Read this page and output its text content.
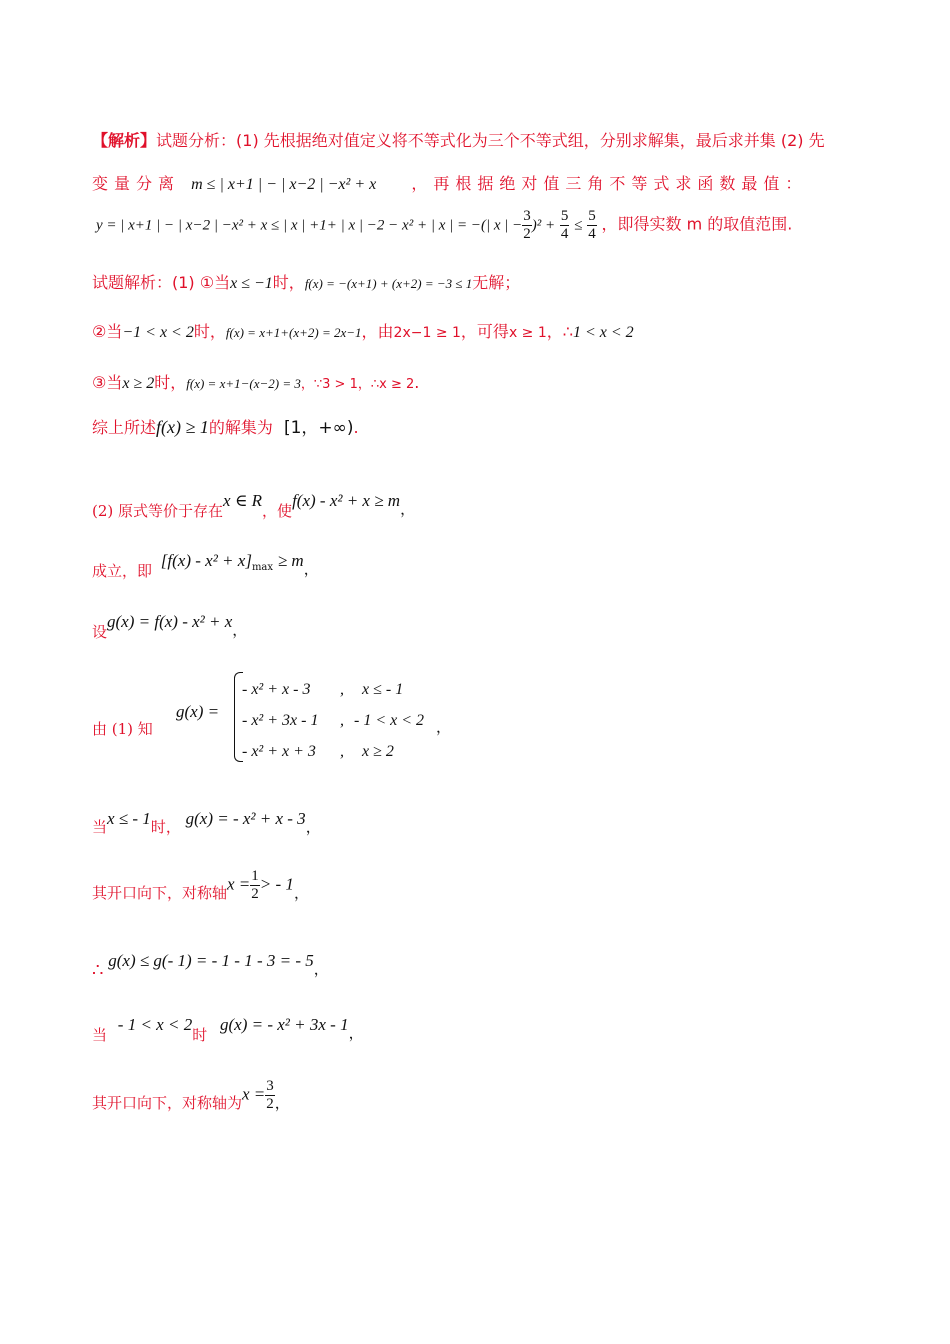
【解析】试题分析：(1) 先根据绝对值定义将不等式化为三个不等式组，分别求解集，最后求并集 (2) 先
变量分离 m ≤ | x+1 | − | x−2 | −x² + x ，再根据绝对值三角不等式求函数最值：
y = | x+1 | − | x−2 | −x² + x ≤ | x | +1+ | x | −2 − x² + | x | = −(| x | − $\frac{3}{2} )^2 + \frac{5}{4} \le \frac{5}{4}$ ，即得实数 m 的取值范围.
试题解析：(1) ①当x ≤ −1时，f(x) = −(x+1) + (x+2) = −3 ≤ 1无解；
②当−1 < x < 2时，f(x) = x+1+(x+2) = 2x−1，由2x−1 ≥ 1，可得x ≥ 1，∴1 < x < 2
③当x ≥ 2时，f(x) = x+1−(x−2) = 3，∵3 > 1，∴x ≥ 2.
综上所述f(x) ≥ 1的解集为 [1，+∞).
(2) 原式等价于存在x ∈ R，使f(x) - x² + x ≥ m，
成立，即 $[f(x) - x^2 + x]_{max} \ge m$，
设g(x) = f(x) - x² + x，
由 (1) 知
g(x) =
- x² + x - 3 , x ≤ - 1
- x² + 3x - 1 , - 1 < x < 2
- x² + x + 3 , x ≥ 2
，
当x ≤ - 1时， g(x) = - x² + x - 3，
其开口向下，对称轴$x = \frac{1}{2}$ > - 1，
∴ g(x) ≤ g(- 1) = - 1 - 1 - 3 = - 5，
当 - 1 < x < 2时 g(x) = - x² + 3x - 1，
其开口向下，对称轴为$x = \frac{3}{2}$ ，
